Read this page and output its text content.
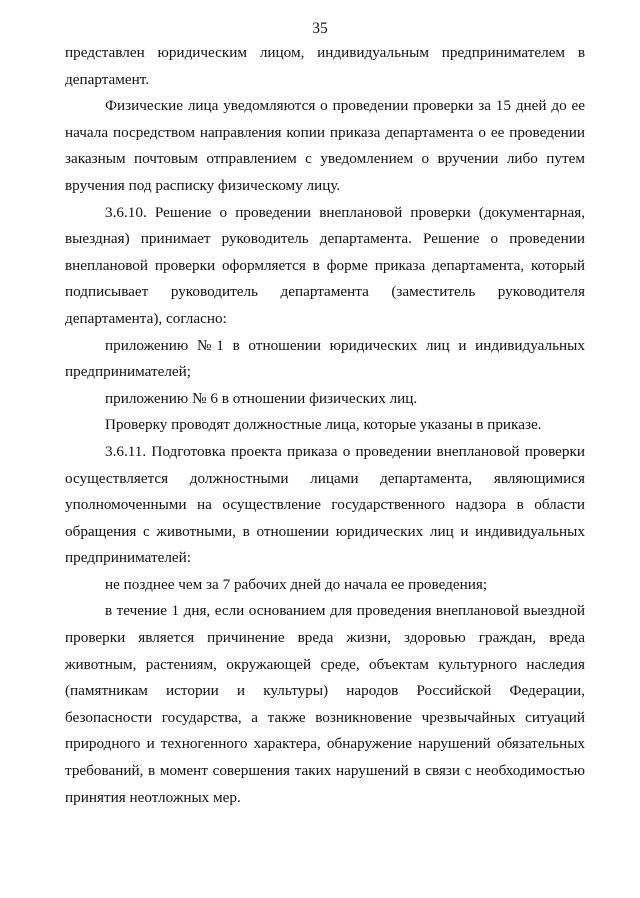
35

представлен юридическим лицом, индивидуальным предпринимателем в департамент.

Физические лица уведомляются о проведении проверки за 15 дней до ее начала посредством направления копии приказа департамента о ее проведении заказным почтовым отправлением с уведомлением о вручении либо путем вручения под расписку физическому лицу.

3.6.10. Решение о проведении внеплановой проверки (документарная, выездная) принимает руководитель департамента. Решение о проведении внеплановой проверки оформляется в форме приказа департамента, который подписывает руководитель департамента (заместитель руководителя департамента), согласно:

приложению №1 в отношении юридических лиц и индивидуальных предпринимателей;

приложению № 6 в отношении физических лиц.

Проверку проводят должностные лица, которые указаны в приказе.

3.6.11. Подготовка проекта приказа о проведении внеплановой проверки осуществляется должностными лицами департамента, являющимися уполномоченными на осуществление государственного надзора в области обращения с животными, в отношении юридических лиц и индивидуальных предпринимателей:

не позднее чем за 7 рабочих дней до начала ее проведения;

в течение 1 дня, если основанием для проведения внеплановой выездной проверки является причинение вреда жизни, здоровью граждан, вреда животным, растениям, окружающей среде, объектам культурного наследия (памятникам истории и культуры) народов Российской Федерации, безопасности государства, а также возникновение чрезвычайных ситуаций природного и техногенного характера, обнаружение нарушений обязательных требований, в момент совершения таких нарушений в связи с необходимостью принятия неотложных мер.
